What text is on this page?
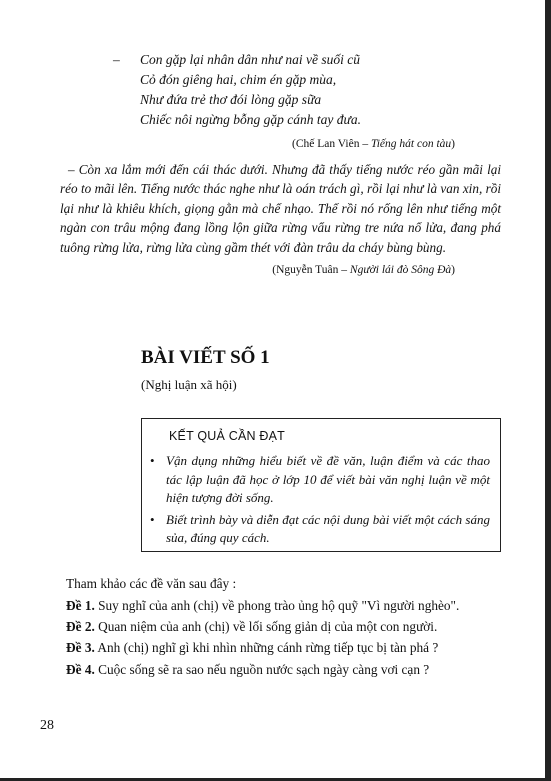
– Con gặp lại nhân dân như nai về suối cũ
Cỏ đón giêng hai, chim én gặp mùa,
Như đứa trẻ thơ đói lòng gặp sữa
Chiếc nôi ngừng bỗng gặp cánh tay đưa.
(Chế Lan Viên – Tiếng hát con tàu)
– Còn xa lắm mới đến cái thác dưới. Nhưng đã thấy tiếng nước réo gần mãi lại réo to mãi lên. Tiếng nước thác nghe như là oán trách gì, rồi lại như là van xin, rồi lại như là khiêu khích, giọng gằn mà chế nhạo. Thế rồi nó rống lên như tiếng một ngàn con trâu mộng đang lồng lộn giữa rừng vẩu rừng tre nứa nổ lửa, đang phá tuông rừng lửa, rừng lửa cùng gầm thét với đàn trâu da cháy bùng bùng.
(Nguyễn Tuân – Người lái đò Sông Đà)
BÀI VIẾT SỐ 1
(Nghị luận xã hội)
KẾT QUẢ CẦN ĐẠT
• Vận dụng những hiểu biết về đề văn, luận điểm và các thao tác lập luận đã học ở lớp 10 để viết bài văn nghị luận về một hiện tượng đời sống.
• Biết trình bày và diễn đạt các nội dung bài viết một cách sáng sủa, đúng quy cách.
Tham khảo các đề văn sau đây :
Đề 1. Suy nghĩ của anh (chị) về phong trào ủng hộ quỹ "Vì người nghèo".
Đề 2. Quan niệm của anh (chị) về lối sống giản dị của một con người.
Đề 3. Anh (chị) nghĩ gì khi nhìn những cánh rừng tiếp tục bị tàn phá ?
Đề 4. Cuộc sống sẽ ra sao nếu nguồn nước sạch ngày càng vơi cạn ?
28
